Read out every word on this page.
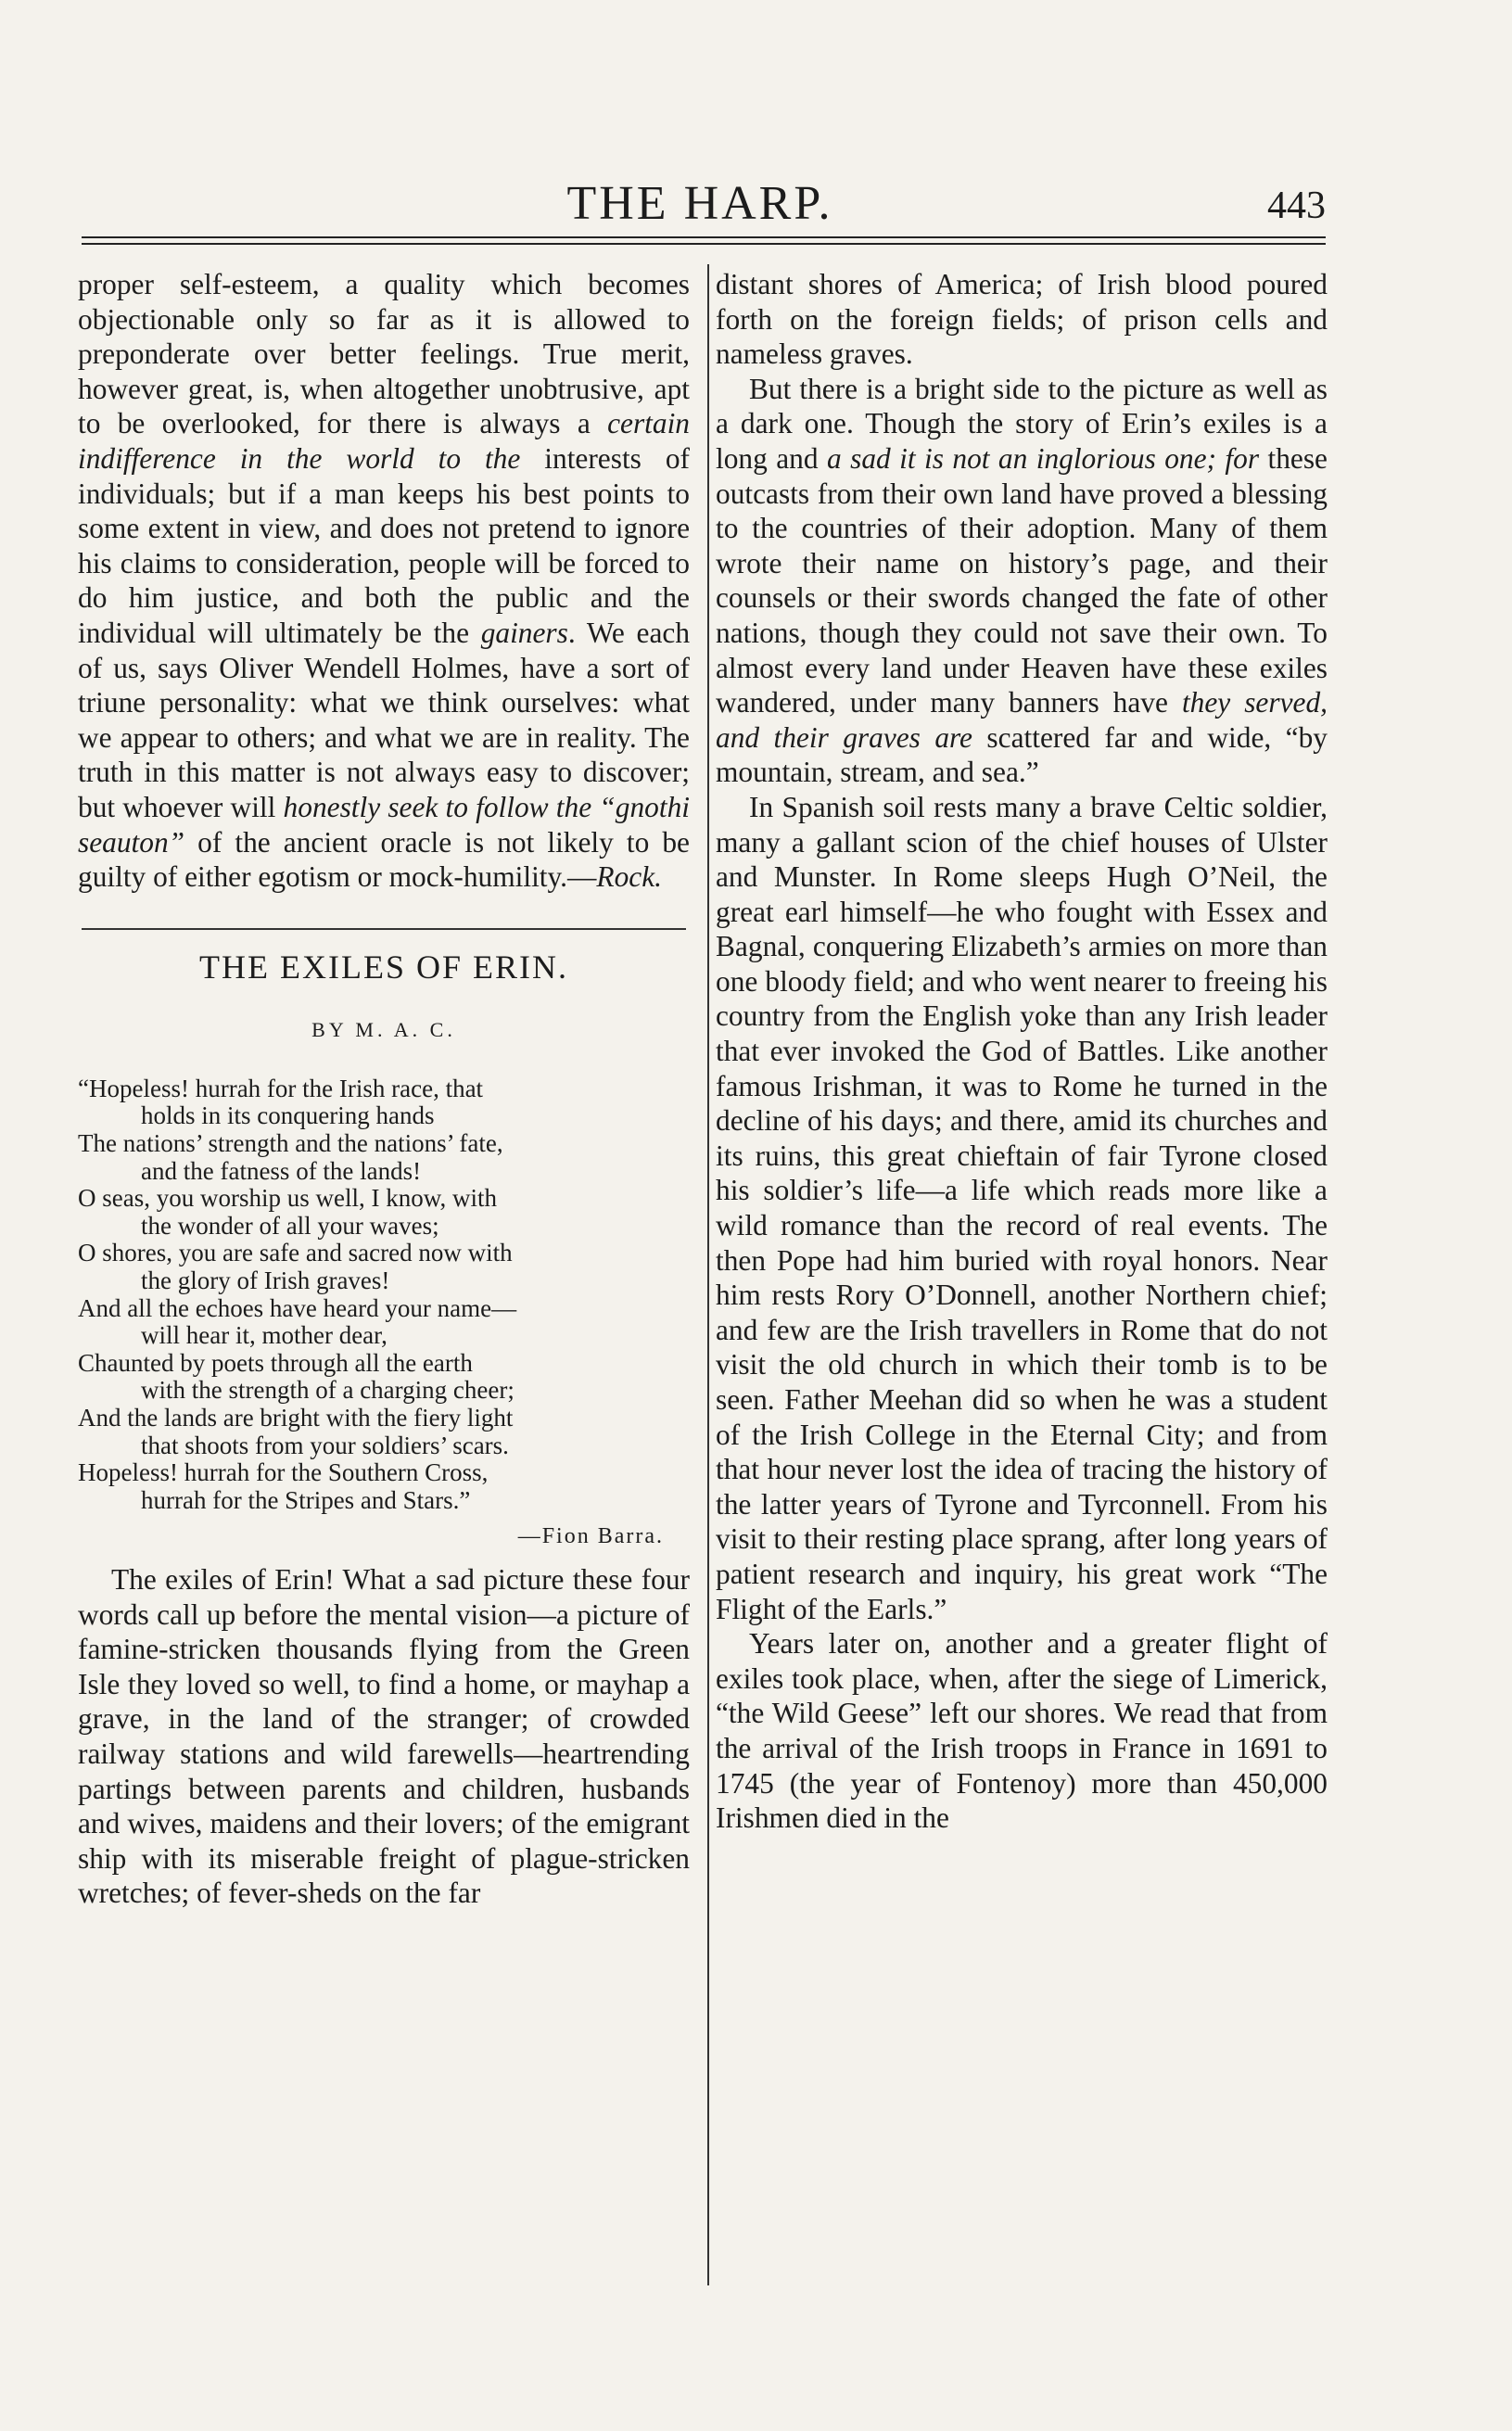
THE HARP.	443

proper self-esteem, a quality which becomes objectionable only so far as it is allowed to preponderate over better feelings. True merit, however great, is, when altogether unobtrusive, apt to be overlooked, for there is always a certain indifference in the world to the interests of individuals; but if a man keeps his best points to some extent in view, and does not pretend to ignore his claims to consideration, people will be forced to do him justice, and both the public and the individual will ultimately be the gainers. We each of us, says Oliver Wendell Holmes, have a sort of triune personality: what we think ourselves: what we appear to others; and what we are in reality. The truth in this matter is not always easy to discover; but whoever will honestly seek to follow the “gnothi seauton” of the ancient oracle is not likely to be guilty of either egotism or mock-humility.—Rock.

THE EXILES OF ERIN.
BY M. A. C.
“Hopeless! hurrah for the Irish race, that
holds in its conquering hands
The nations’ strength and the nations’ fate,
and the fatness of the lands!
O seas, you worship us well, I know, with
the wonder of all your waves;
O shores, you are safe and sacred now with
the glory of Irish graves!
And all the echoes have heard your name—
will hear it, mother dear,
Chaunted by poets through all the earth
with the strength of a charging cheer;
And the lands are bright with the fiery light
that shoots from your soldiers’ scars.
Hopeless! hurrah for the Southern Cross,
hurrah for the Stripes and Stars.”
—Fion Barra.

The exiles of Erin! What a sad picture these four words call up before the mental vision—a picture of famine-stricken thousands flying from the Green Isle they loved so well, to find a home, or mayhap a grave, in the land of the stranger; of crowded railway stations and wild farewells—heartrending partings between parents and children, husbands and wives, maidens and their lovers; of the emigrant ship with its miserable freight of plague-stricken wretches; of fever-sheds on the far

distant shores of America; of Irish blood poured forth on the foreign fields; of prison cells and nameless graves.

But there is a bright side to the picture as well as a dark one. Though the story of Erin’s exiles is a long and a sad it is not an inglorious one; for these outcasts from their own land have proved a blessing to the countries of their adoption. Many of them wrote their name on history’s page, and their counsels or their swords changed the fate of other nations, though they could not save their own. To almost every land under Heaven have these exiles wandered, under many banners have they served, and their graves are scattered far and wide, “by mountain, stream, and sea.”

In Spanish soil rests many a brave Celtic soldier, many a gallant scion of the chief houses of Ulster and Munster. In Rome sleeps Hugh O’Neil, the great earl himself—he who fought with Essex and Bagnal, conquering Elizabeth’s armies on more than one bloody field; and who went nearer to freeing his country from the English yoke than any Irish leader that ever invoked the God of Battles. Like another famous Irishman, it was to Rome he turned in the decline of his days; and there, amid its churches and its ruins, this great chieftain of fair Tyrone closed his soldier’s life—a life which reads more like a wild romance than the record of real events. The then Pope had him buried with royal honors. Near him rests Rory O’Donnell, another Northern chief; and few are the Irish travellers in Rome that do not visit the old church in which their tomb is to be seen. Father Meehan did so when he was a student of the Irish College in the Eternal City; and from that hour never lost the idea of tracing the history of the latter years of Tyrone and Tyrconnell. From his visit to their resting place sprang, after long years of patient research and inquiry, his great work “The Flight of the Earls.”

Years later on, another and a greater flight of exiles took place, when, after the siege of Limerick, “the Wild Geese” left our shores. We read that from the arrival of the Irish troops in France in 1691 to 1745 (the year of Fontenoy) more than 450,000 Irishmen died in the
